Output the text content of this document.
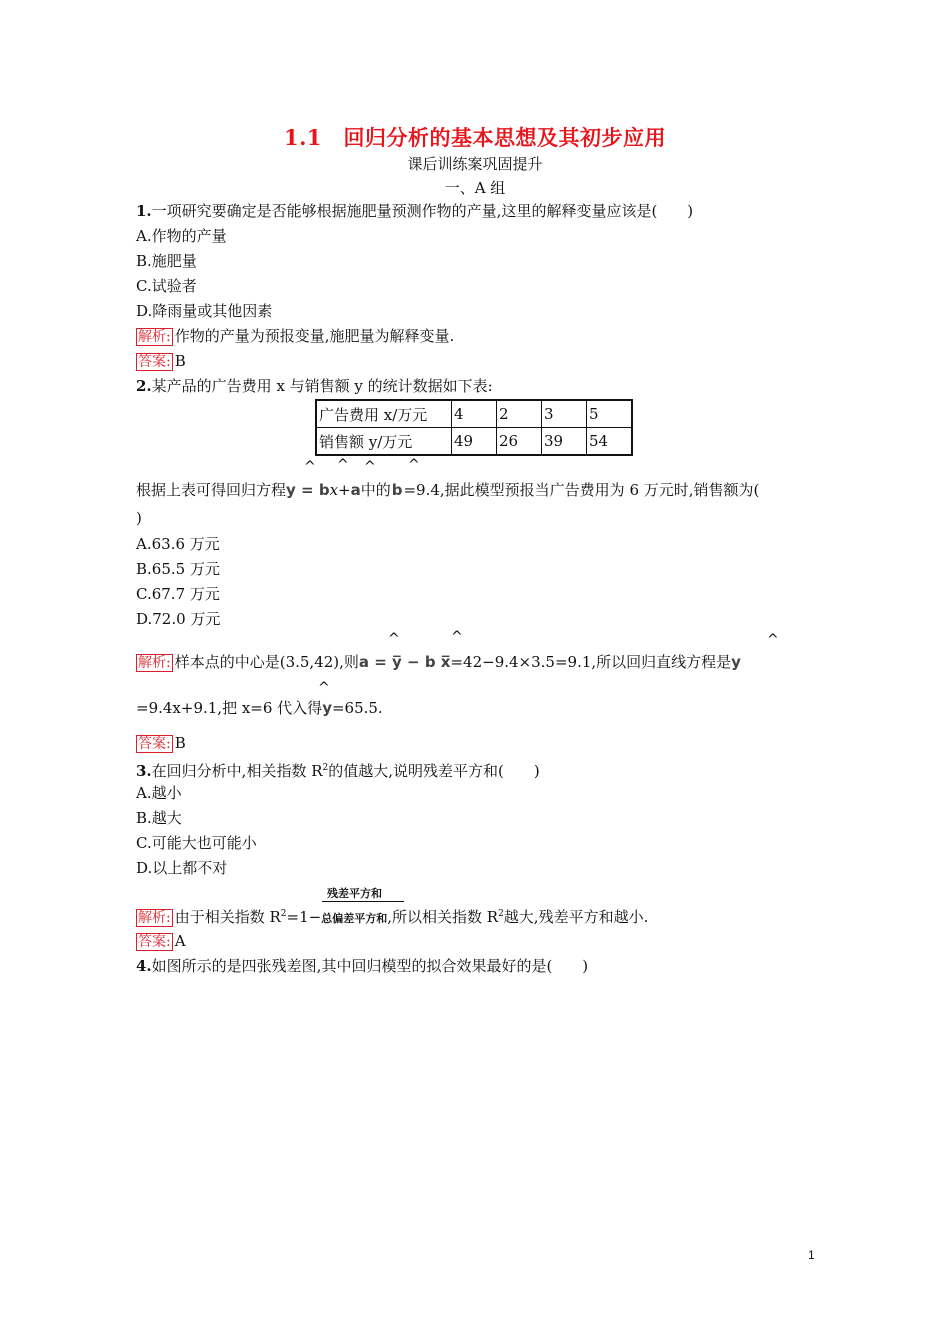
1.1　回归分析的基本思想及其初步应用
课后训练案巩固提升
一、A 组
1.一项研究要确定是否能够根据施肥量预测作物的产量,这里的解释变量应该是(　　)
A.作物的产量
B.施肥量
C.试验者
D.降雨量或其他因素
解析: 作物的产量为预报变量,施肥量为解释变量.
答案: B
2.某产品的广告费用 x 与销售额 y 的统计数据如下表:
广告费用 x/万元	4	2	3	5
销售额 y/万元	49	26	39	54
^ ^ ^ ^
根据上表可得回归方程y = bx+a中的b=9.4,据此模型预报当广告费用为 6 万元时,销售额为(
)
A.63.6 万元
B.65.5 万元
C.67.7 万元
D.72.0 万元
^	^	^
解析: 样本点的中心是(3.5,42),则a = y̅ − b x̅=42−9.4×3.5=9.1,所以回归直线方程是y
^
=9.4x+9.1,把 x=6 代入得y=65.5.
答案: B
3.在回归分析中,相关指数 $R^2$的值越大,说明残差平方和(　　)
A.越小
B.越大
C.可能大也可能小
D.以上都不对
残差平方和
解析: 由于相关指数 $R^2=1-$总偏差平方和,所以相关指数 $R^2$越大,残差平方和越小.
答案: A
4.如图所示的是四张残差图,其中回归模型的拟合效果最好的是(　　)
1
